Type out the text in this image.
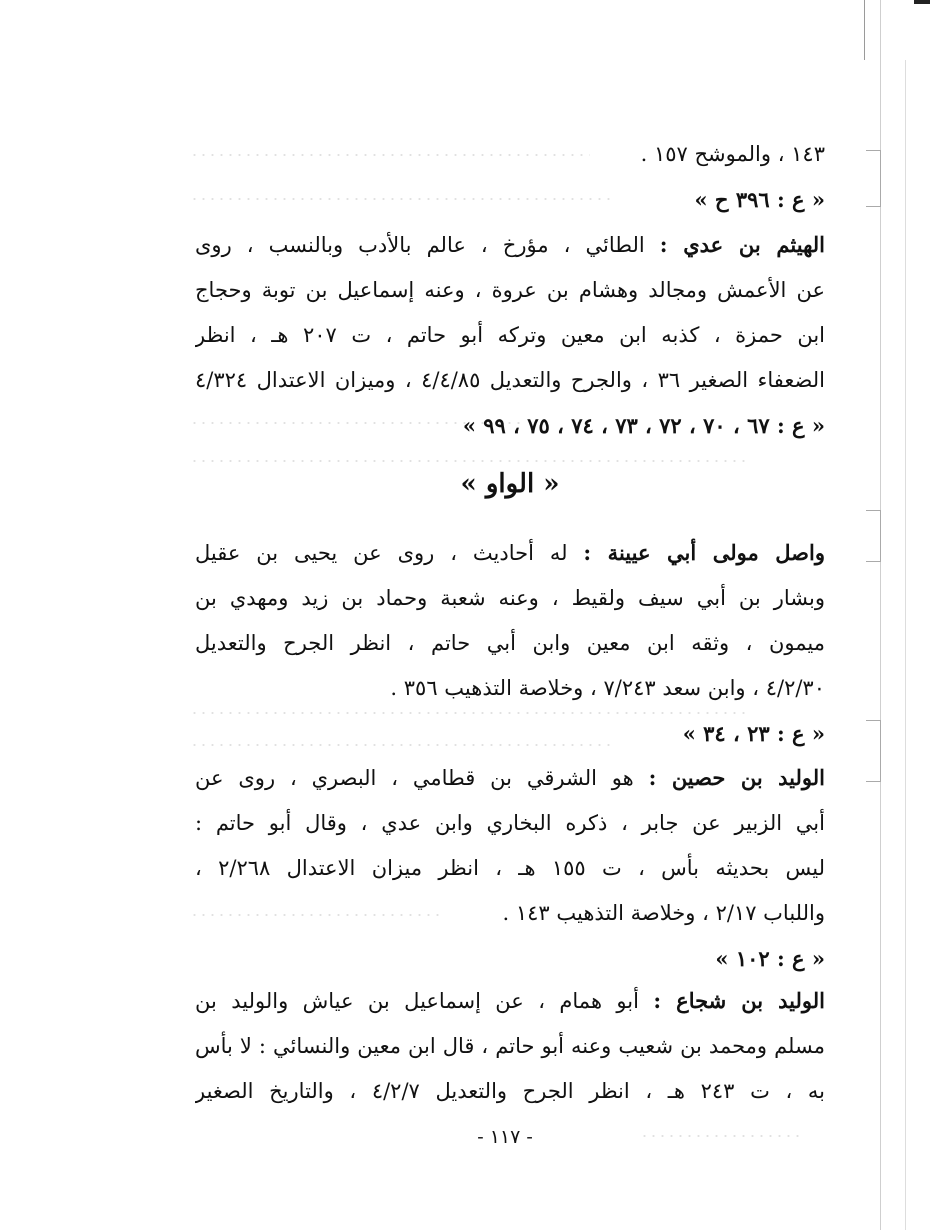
١٤٣ ، والموشح ١٥٧ .
« ع : ٣٩٦ ح »
الهيثم بن عدي : الطائي ، مؤرخ ، عالم بالأدب وبالنسب ، روى
عن الأعمش ومجالد وهشام بن عروة ، وعنه إسماعيل بن توبة وحجاج
ابن حمزة ، كذبه ابن معين وتركه أبو حاتم ، ت ٢٠٧ هـ ، انظر
الضعفاء الصغير ٣٦ ، والجرح والتعديل ٤/٤/٨٥ ، وميزان الاعتدال ٤/٣٢٤
« ع : ٦٧ ، ٧٠ ، ٧٢ ، ٧٣ ، ٧٤ ، ٧٥ ، ٩٩ »
« الواو »
واصل مولى أبي عيينة : له أحاديث ، روى عن يحيى بن عقيل
وبشار بن أبي سيف ولقيط ، وعنه شعبة وحماد بن زيد ومهدي بن
ميمون ، وثقه ابن معين وابن أبي حاتم ، انظر الجرح والتعديل
٤/٢/٣٠ ، وابن سعد ٧/٢٤٣ ، وخلاصة التذهيب ٣٥٦ .
« ع : ٢٣ ، ٣٤ »
الوليد بن حصين : هو الشرقي بن قطامي ، البصري ، روى عن
أبي الزبير عن جابر ، ذكره البخاري وابن عدي ، وقال أبو حاتم :
ليس بحديثه بأس ، ت ١٥٥ هـ ، انظر ميزان الاعتدال ٢/٢٦٨ ،
واللباب ٢/١٧ ، وخلاصة التذهيب ١٤٣ .
« ع : ١٠٢ »
الوليد بن شجاع : أبو همام ، عن إسماعيل بن عياش والوليد بن
مسلم ومحمد بن شعيب وعنه أبو حاتم ، قال ابن معين والنسائي : لا بأس
به ، ت ٢٤٣ هـ ، انظر الجرح والتعديل ٤/٢/٧ ، والتاريخ الصغير
- ١١٧ -
